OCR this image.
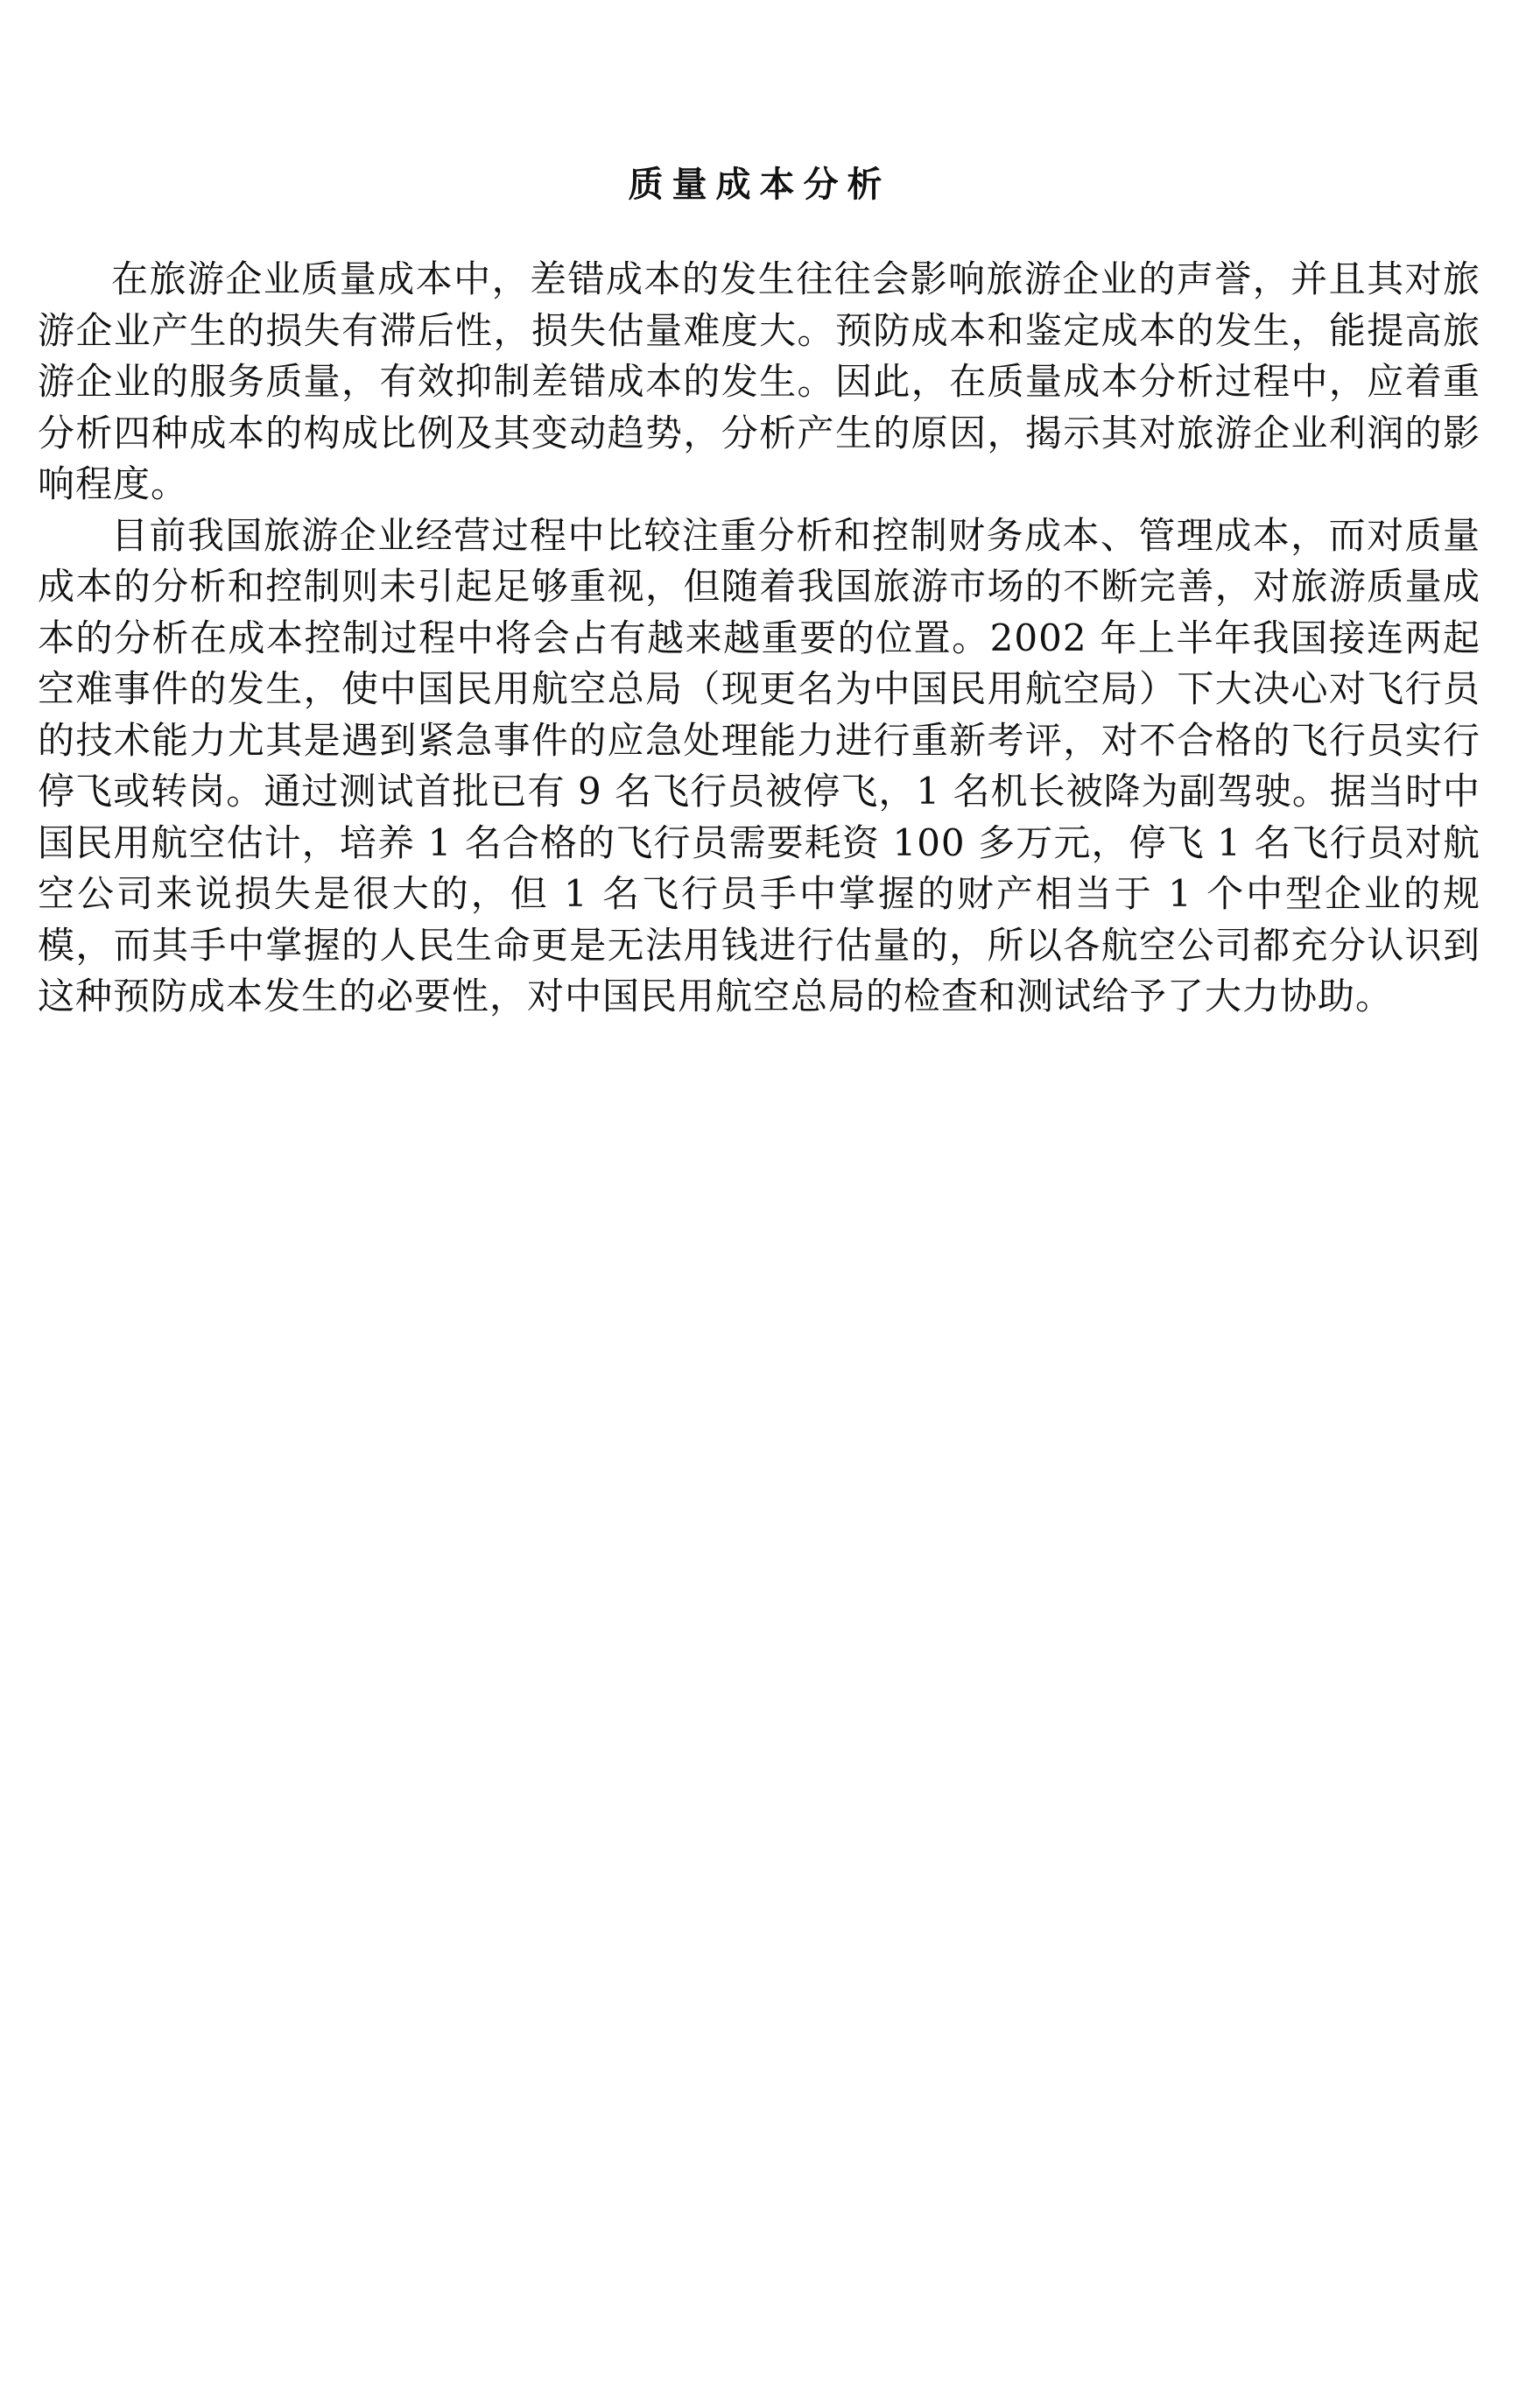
质量成本分析

在旅游企业质量成本中，差错成本的发生往往会影响旅游企业的声誉，并且其对旅游企业产生的损失有滞后性，损失估量难度大。预防成本和鉴定成本的发生，能提高旅游企业的服务质量，有效抑制差错成本的发生。因此，在质量成本分析过程中，应着重分析四种成本的构成比例及其变动趋势，分析产生的原因，揭示其对旅游企业利润的影响程度。

目前我国旅游企业经营过程中比较注重分析和控制财务成本、管理成本，而对质量成本的分析和控制则未引起足够重视，但随着我国旅游市场的不断完善，对旅游质量成本的分析在成本控制过程中将会占有越来越重要的位置。2002 年上半年我国接连两起空难事件的发生，使中国民用航空总局（现更名为中国民用航空局）下大决心对飞行员的技术能力尤其是遇到紧急事件的应急处理能力进行重新考评，对不合格的飞行员实行停飞或转岗。通过测试首批已有 9 名飞行员被停飞，1 名机长被降为副驾驶。据当时中国民用航空估计，培养 1 名合格的飞行员需要耗资 100 多万元，停飞 1 名飞行员对航空公司来说损失是很大的，但 1 名飞行员手中掌握的财产相当于 1 个中型企业的规模，而其手中掌握的人民生命更是无法用钱进行估量的，所以各航空公司都充分认识到这种预防成本发生的必要性，对中国民用航空总局的检查和测试给予了大力协助。
